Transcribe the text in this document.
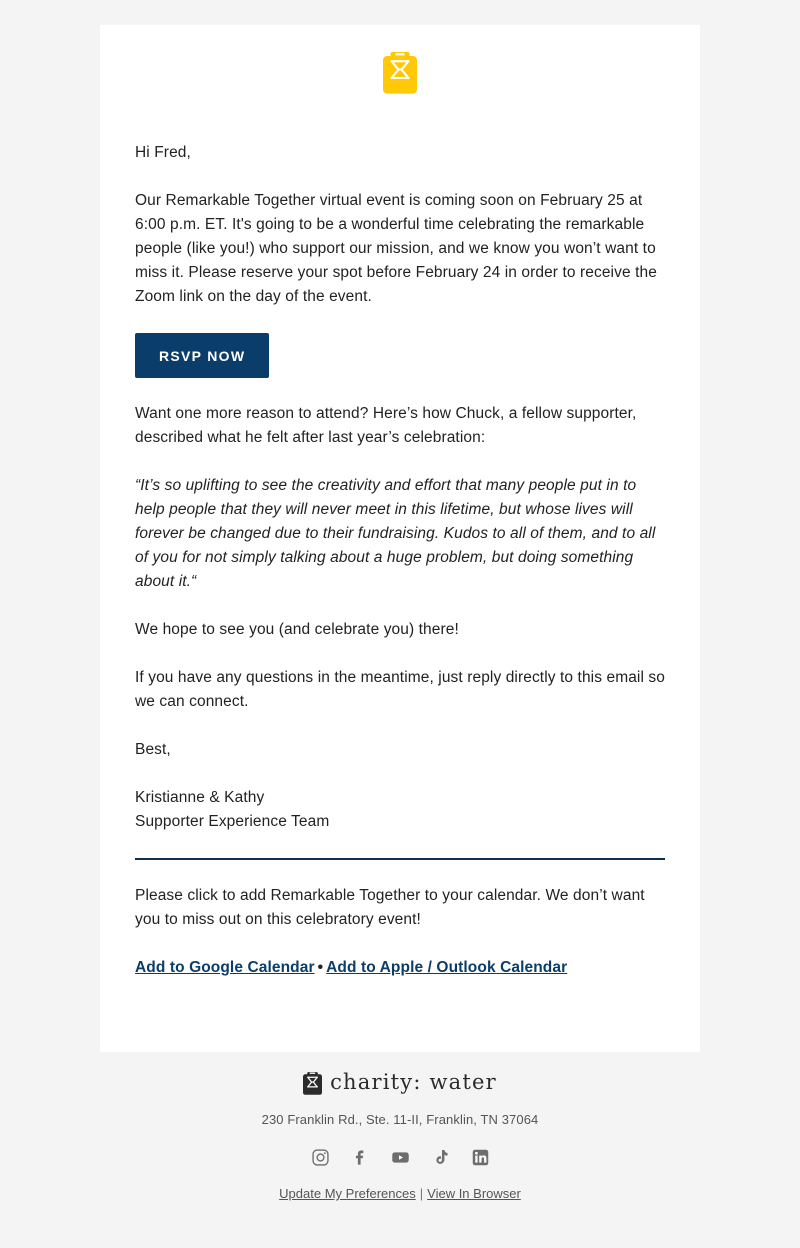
Hi Fred,

Our Remarkable Together virtual event is coming soon on February 25 at 6:00 p.m. ET. It's going to be a wonderful time celebrating the remarkable people (like you!) who support our mission, and we know you won’t want to miss it. Please reserve your spot before February 24 in order to receive the Zoom link on the day of the event.

RSVP NOW

Want one more reason to attend? Here’s how Chuck, a fellow supporter, described what he felt after last year’s celebration:

“It’s so uplifting to see the creativity and effort that many people put in to help people that they will never meet in this lifetime, but whose lives will forever be changed due to their fundraising. Kudos to all of them, and to all of you for not simply talking about a huge problem, but doing something about it.“

We hope to see you (and celebrate you) there!

If you have any questions in the meantime, just reply directly to this email so we can connect.

Best,

Kristianne & Kathy

Supporter Experience Team

Please click to add Remarkable Together to your calendar. We don’t want you to miss out on this celebratory event!

Add to Google Calendar • Add to Apple / Outlook Calendar
charity: water
230 Franklin Rd., Ste. 11-II, Franklin, TN 37064
Update My Preferences | View In Browser
